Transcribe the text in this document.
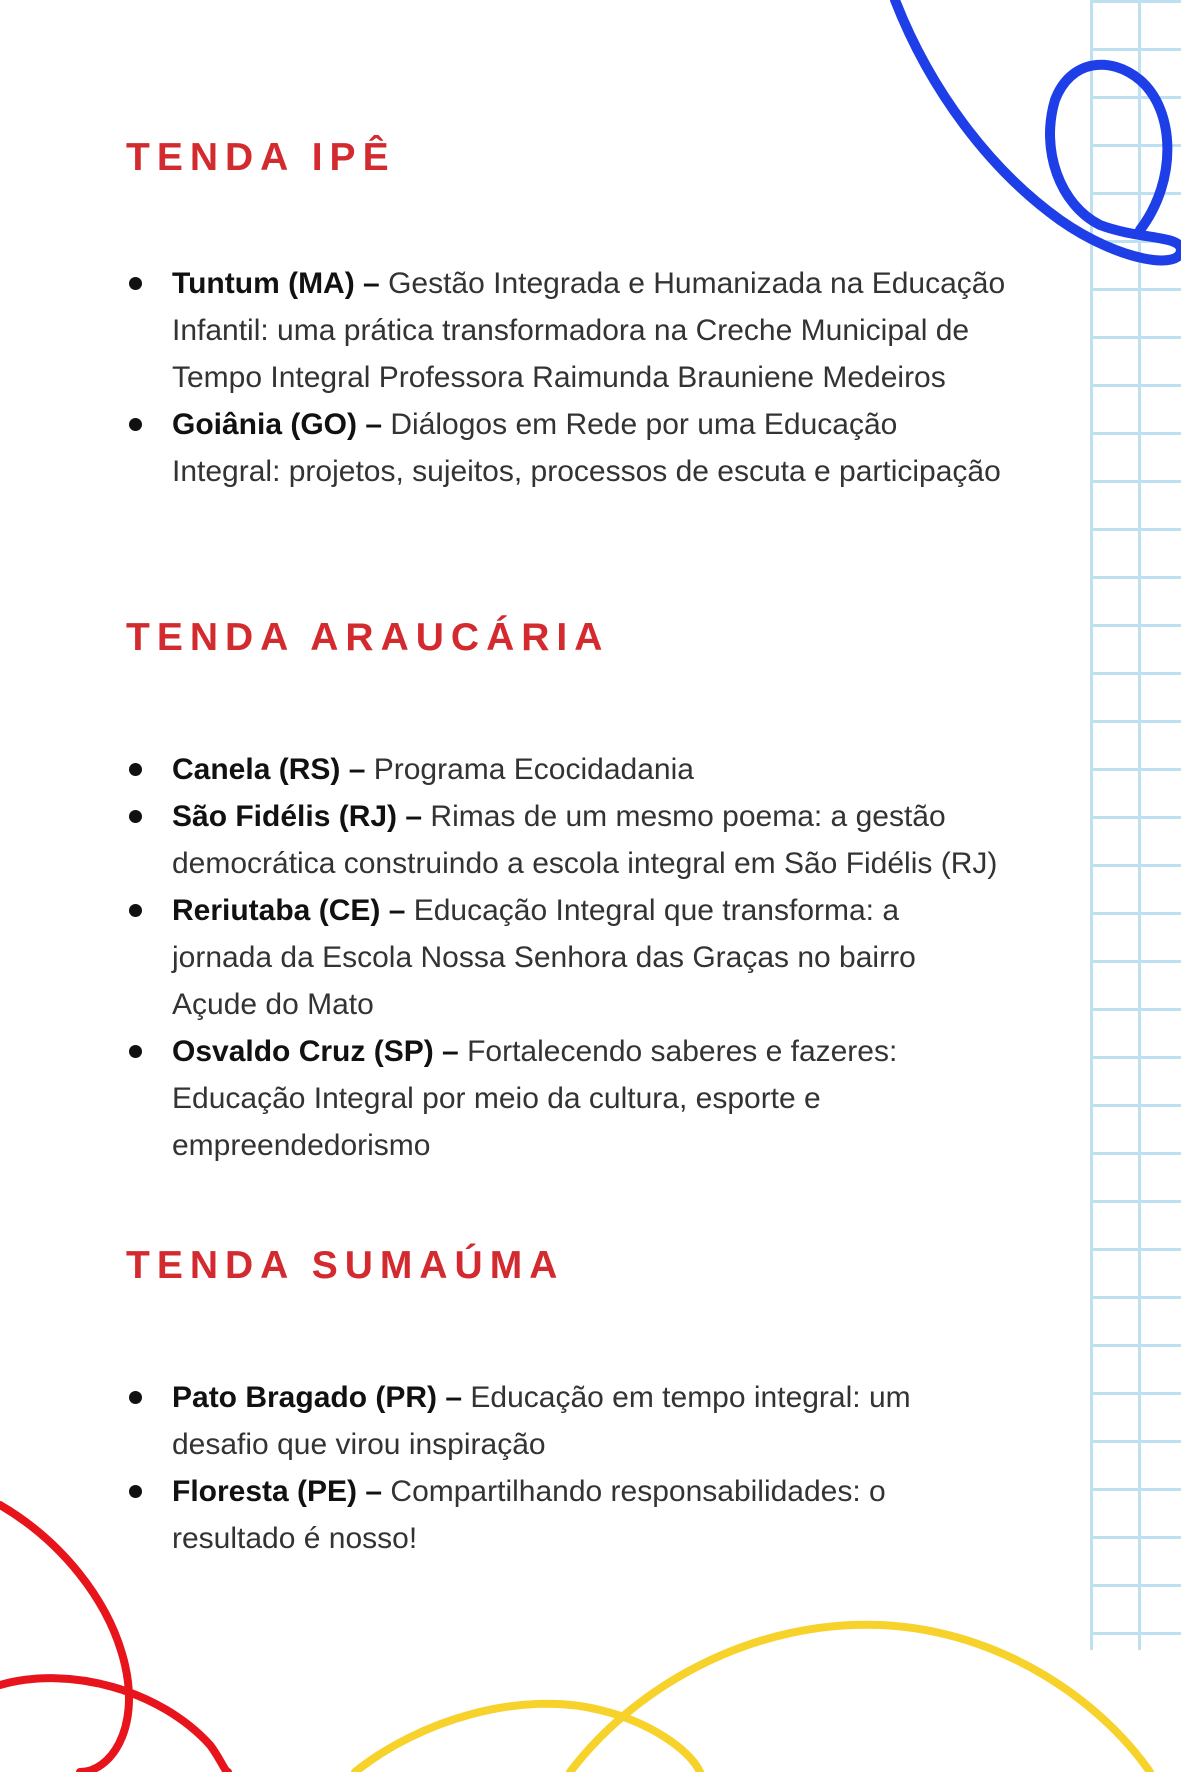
TENDA IPÊ
Tuntum (MA) – Gestão Integrada e Humanizada na Educação Infantil: uma prática transformadora na Creche Municipal de Tempo Integral Professora Raimunda Brauniene Medeiros
Goiânia (GO) – Diálogos em Rede por uma Educação Integral: projetos, sujeitos, processos de escuta e participação
TENDA ARAUCÁRIA
Canela (RS) – Programa Ecocidadania
São Fidélis (RJ) – Rimas de um mesmo poema: a gestão democrática construindo a escola integral em São Fidélis (RJ)
Reriutaba (CE) – Educação Integral que transforma: a jornada da Escola Nossa Senhora das Graças no bairro Açude do Mato
Osvaldo Cruz (SP) – Fortalecendo saberes e fazeres: Educação Integral por meio da cultura, esporte e empreendedorismo
TENDA SUMAÚMA
Pato Bragado (PR) – Educação em tempo integral: um desafio que virou inspiração
Floresta (PE) – Compartilhando responsabilidades: o resultado é nosso!
